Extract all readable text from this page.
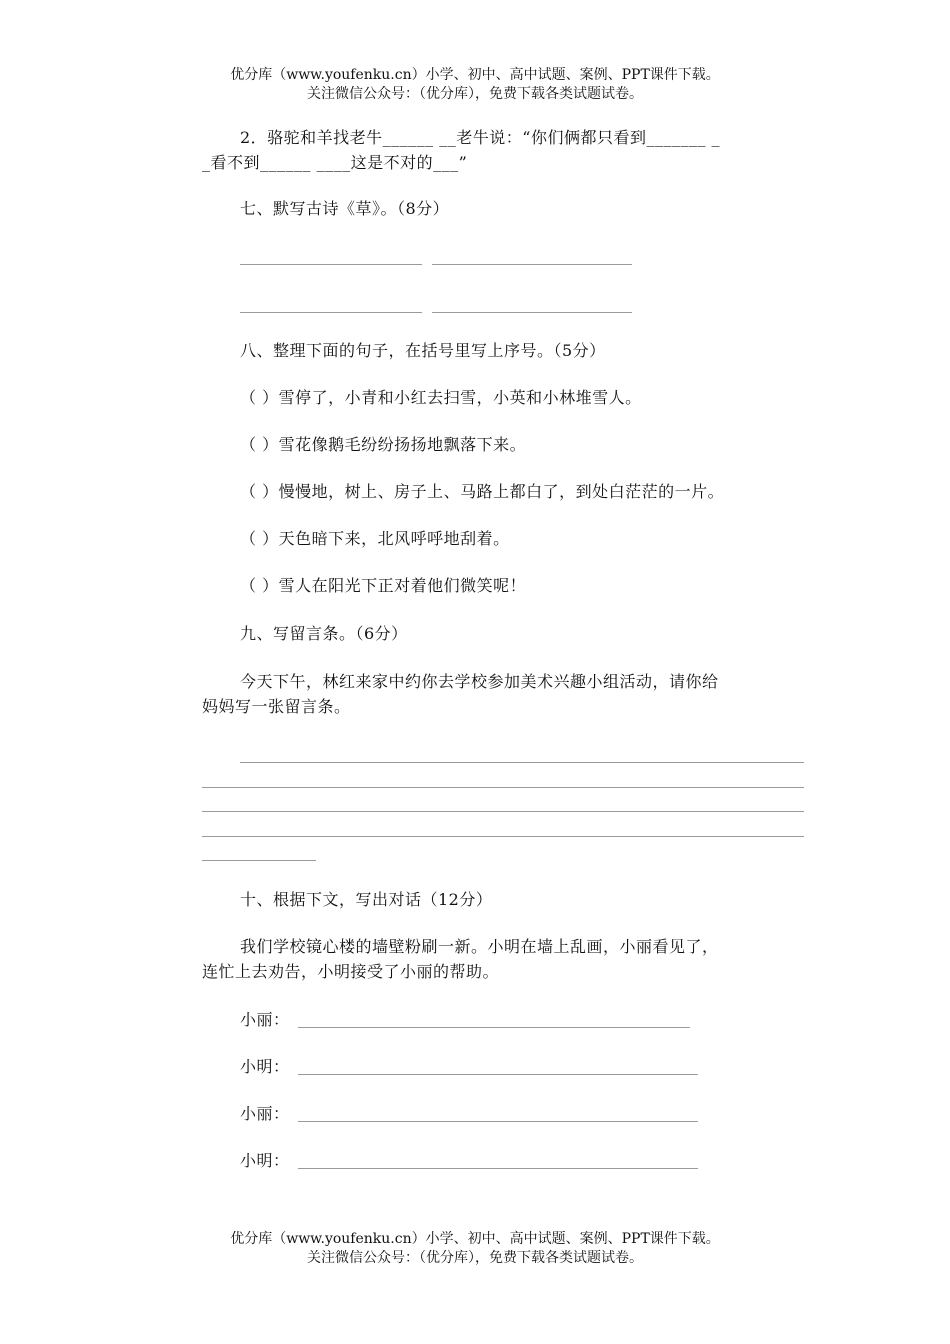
优分库（www.youfenku.cn）小学、初中、高中试题、案例、PPT课件下载。
关注微信公众号：（优分库），免费下载各类试题试卷。
2．骆驼和羊找老牛______ __老牛说：“你们俩都只看到_______ _
_看不到______ ____这是不对的___”
七、默写古诗《草》。（8分）
八、整理下面的句子，在括号里写上序号。（5分）
（ ）雪停了，小青和小红去扫雪，小英和小林堆雪人。
（ ）雪花像鹅毛纷纷扬扬地飘落下来。
（ ）慢慢地，树上、房子上、马路上都白了，到处白茫茫的一片。
（ ）天色暗下来，北风呼呼地刮着。
（ ）雪人在阳光下正对着他们微笑呢！
九、写留言条。（6分）
今天下午，林红来家中约你去学校参加美术兴趣小组活动，请你给
妈妈写一张留言条。
十、根据下文，写出对话（12分）
我们学校镜心楼的墙壁粉刷一新。小明在墙上乱画，小丽看见了，
连忙上去劝告，小明接受了小丽的帮助。
小丽：
小明：
小丽：
小明：
优分库（www.youfenku.cn）小学、初中、高中试题、案例、PPT课件下载。
关注微信公众号：（优分库），免费下载各类试题试卷。
